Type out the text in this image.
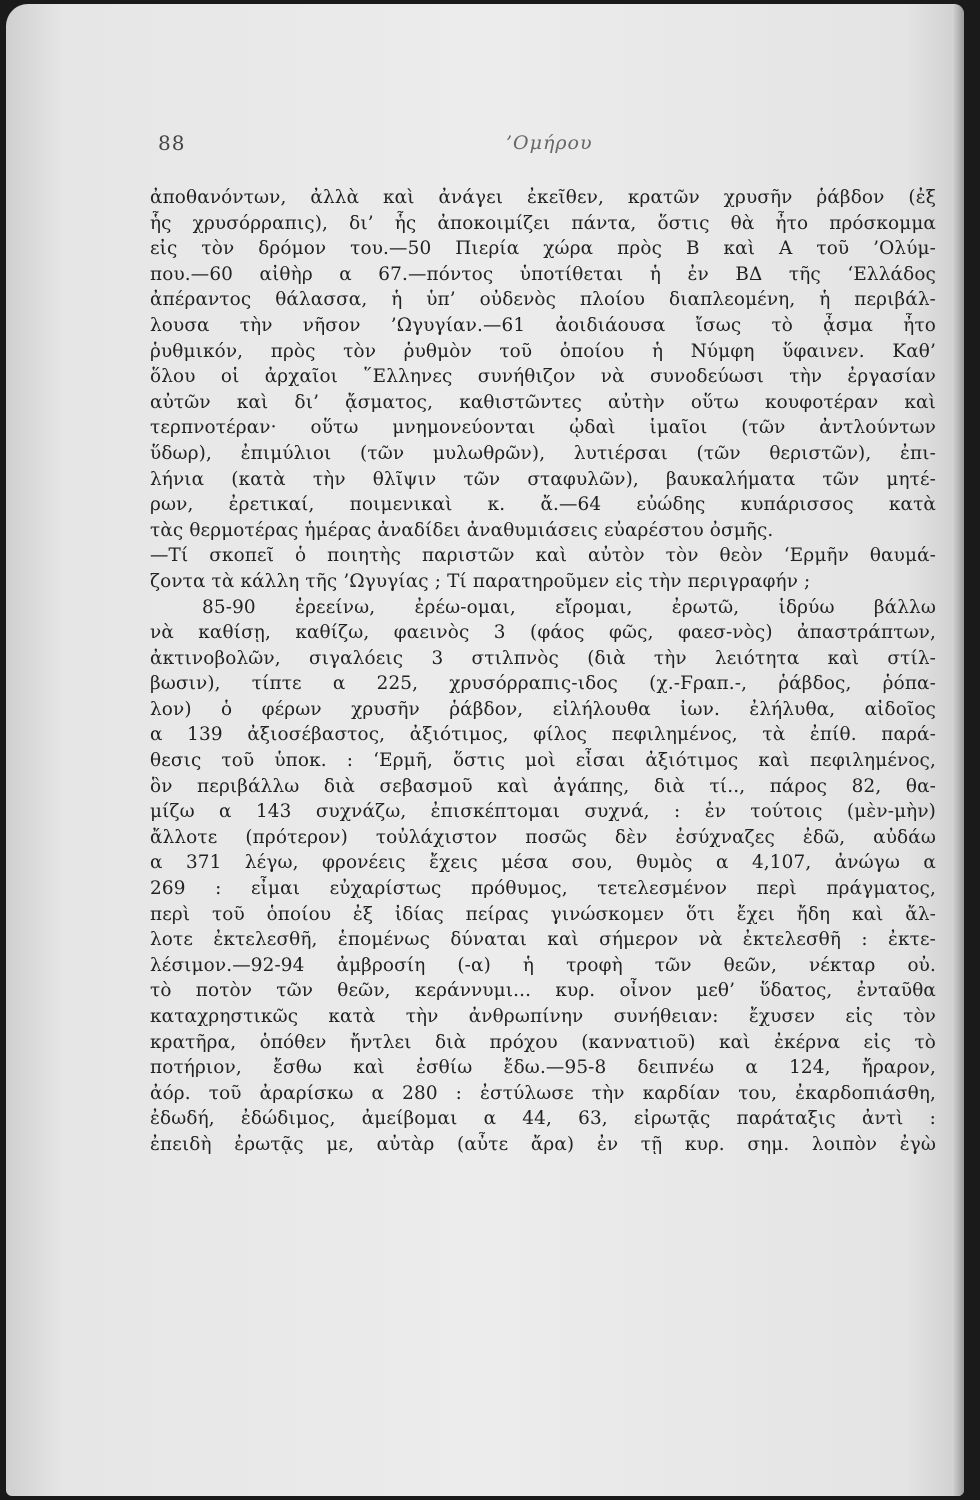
88	’Ομήρου
ἀποθανόντων, ἀλλὰ καὶ ἀνάγει ἐκεῖθεν, κρατῶν χρυσῆν ῥάβδον (ἐξ
ἧς χρυσόρραπις), δι’ ἧς ἀποκοιμίζει πάντα, ὅστις θὰ ἦτο πρόσκομμα
εἰς τὸν δρόμον του.—50 Πιερία χώρα πρὸς Β καὶ Α τοῦ ’Ολύμ-
που.—60 αἰθὴρ α 67.—πόντος ὑποτίθεται ἡ ἐν ΒΔ τῆς ‘Ελλάδος
ἀπέραντος θάλασσα, ἡ ὑπ’ οὐδενὸς πλοίου διαπλεομένη, ἡ περιβάλ-
λουσα τὴν νῆσον ’Ωγυγίαν.—61 ἀοιδιάουσα ἴσως τὸ ᾆσμα ἦτο
ῥυθμικόν, πρὸς τὸν ῥυθμὸν τοῦ ὁποίου ἡ Νύμφη ὕφαινεν. Καθ’
ὅλου οἱ ἀρχαῖοι ῞Ελληνες συνήθιζον νὰ συνοδεύωσι τὴν ἐργασίαν
αὐτῶν καὶ δι’ ᾄσματος, καθιστῶντες αὐτὴν οὕτω κουφοτέραν καὶ
τερπνοτέραν· οὕτω μνημονεύονται ᾠδαὶ ἱμαῖοι (τῶν ἀντλούντων
ὕδωρ), ἐπιμύλιοι (τῶν μυλωθρῶν), λυτιέρσαι (τῶν θεριστῶν), ἐπι-
λήνια (κατὰ τὴν θλῖψιν τῶν σταφυλῶν), βαυκαλήματα τῶν μητέ-
ρων, ἐρετικαί, ποιμενικαὶ κ. ἄ.—64 εὐώδης κυπάρισσος κατὰ
τὰς θερμοτέρας ἡμέρας ἀναδίδει ἀναθυμιάσεις εὐαρέστου ὀσμῆς.
—Τί σκοπεῖ ὁ ποιητὴς παριστῶν καὶ αὐτὸν τὸν θεὸν ‘Ερμῆν θαυμά-
ζοντα τὰ κάλλη τῆς ’Ωγυγίας ; Τί παρατηροῦμεν εἰς τὴν περιγραφήν ;
85-90 ἐρεείνω, ἐρέω-ομαι, εἴρομαι, ἐρωτῶ, ἱδρύω βάλλω
νὰ καθίσῃ, καθίζω, φαεινὸς 3 (φάος φῶς, φαεσ-νὸς) ἀπαστράπτων,
ἀκτινοβολῶν, σιγαλόεις 3 στιλπνὸς (διὰ τὴν λειότητα καὶ στίλ-
βωσιν), τίπτε α 225, χρυσόρραπις-ιδος (χ.-Ϝραπ.-, ῥάβδος, ῥόπα-
λον) ὁ φέρων χρυσῆν ῥάβδον, εἰλήλουθα ἰων. ἐλήλυθα, αἰδοῖος
α 139 ἀξιοσέβαστος, ἀξιότιμος, φίλος πεφιλημένος, τὰ ἐπίθ. παρά-
θεσις τοῦ ὑποκ. : ‘Ερμῆ, ὅστις μοὶ εἶσαι ἀξιότιμος καὶ πεφιλημένος,
ὃν περιβάλλω διὰ σεβασμοῦ καὶ ἀγάπης, διὰ τί.., πάρος 82, θα-
μίζω α 143 συχνάζω, ἐπισκέπτομαι συχνά, : ἐν τούτοις (μὲν-μὴν)
ἄλλοτε (πρότερον) τοὐλάχιστον ποσῶς δὲν ἐσύχναζες ἐδῶ, αὐδάω
α 371 λέγω, φρονέεις ἔχεις μέσα σου, θυμὸς α 4,107, ἀνώγω α
269 : εἶμαι εὐχαρίστως πρόθυμος, τετελεσμένον περὶ πράγματος,
περὶ τοῦ ὁποίου ἐξ ἰδίας πείρας γινώσκομεν ὅτι ἔχει ἤδη καὶ ἄλ-
λοτε ἐκτελεσθῆ, ἑπομένως δύναται καὶ σήμερον νὰ ἐκτελεσθῆ : ἐκτε-
λέσιμον.—92-94 ἀμβροσίη (-α) ἡ τροφὴ τῶν θεῶν, νέκταρ οὐ.
τὸ ποτὸν τῶν θεῶν, κεράννυμι... κυρ. οἶνον μεθ’ ὕδατος, ἐνταῦθα
καταχρηστικῶς κατὰ τὴν ἀνθρωπίνην συνήθειαν: ἔχυσεν εἰς τὸν
κρατῆρα, ὁπόθεν ἤντλει διὰ πρόχου (καννατιοῦ) καὶ ἐκέρνα εἰς τὸ
ποτήριον, ἔσθω καὶ ἐσθίω ἔδω.—95-8 δειπνέω α 124, ἤραρον,
ἀόρ. τοῦ ἀραρίσκω α 280 : ἐστύλωσε τὴν καρδίαν του, ἐκαρδοπιάσθη,
ἐδωδή, ἐδώδιμος, ἀμείβομαι α 44, 63, εἰρωτᾷς παράταξις ἀντὶ :
ἐπειδὴ ἐρωτᾷς με, αὐτὰρ (αὖτε ἄρα) ἐν τῇ κυρ. σημ. λοιπὸν ἐγὼ
